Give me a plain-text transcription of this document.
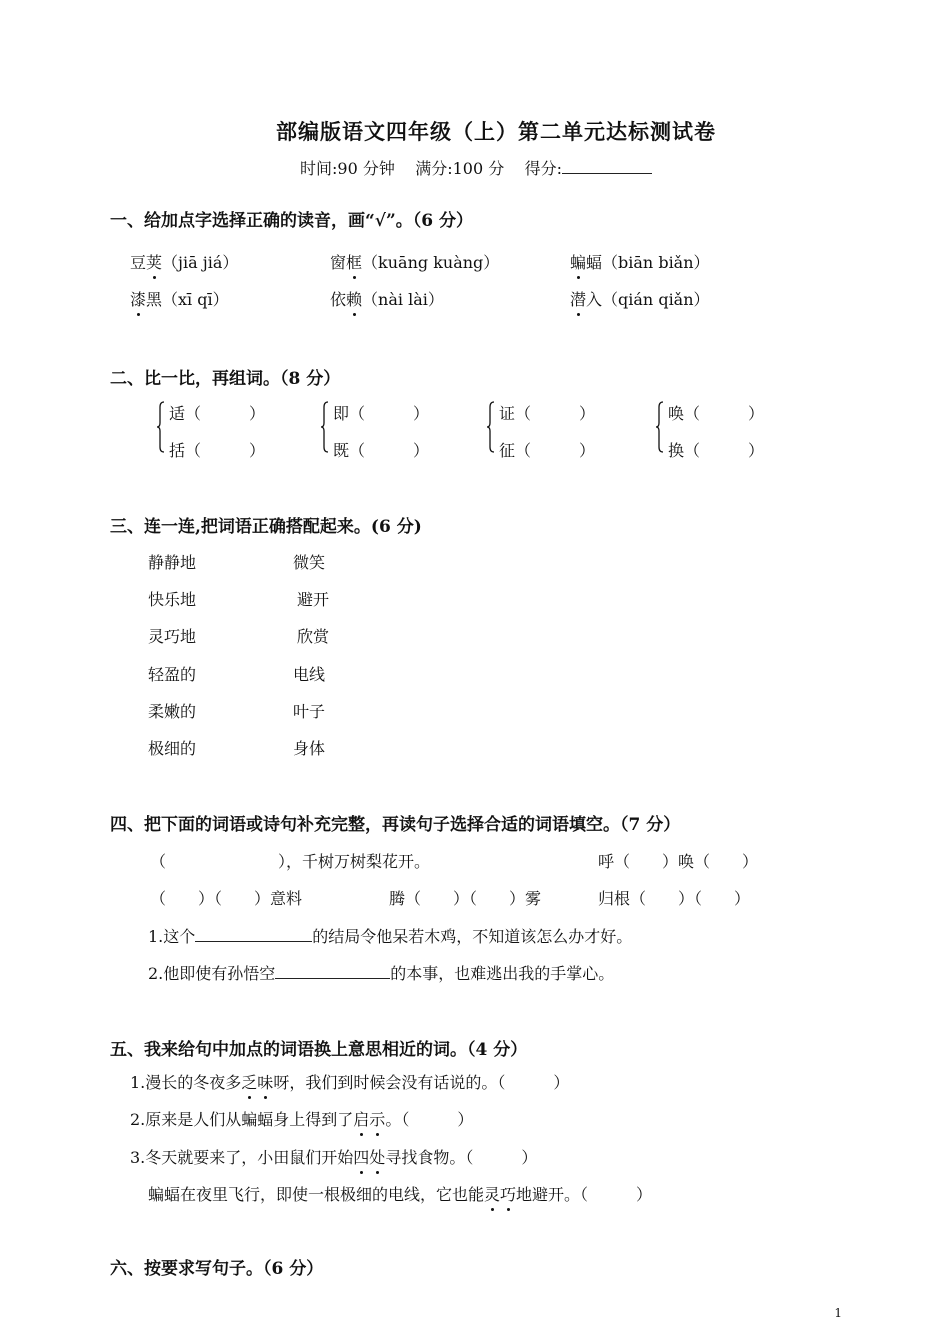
部编版语文四年级（上）第二单元达标测试卷
时间:90 分钟 满分:100 分 得分:
一、给加点字选择正确的读音，画“√”。（6 分）
豆荚（jiā jiá）	窗框（kuāng kuàng）	蝙蝠（biān biǎn）
漆黑（xī qī）	依赖（nài lài）	潜入（qián qiǎn）
二、比一比，再组词。（8 分）
适（　　　）
括（　　　）
即（　　　）
既（　　　）
证（　　　）
征（　　　）
唤（　　　）
换（　　　）
三、连一连,把词语正确搭配起来。(6 分)
静静地
快乐地
灵巧地
轻盈的
柔嫩的
极细的
微笑
避开
欣赏
电线
叶子
身体
四、把下面的词语或诗句补充完整，再读句子选择合适的词语填空。（7 分）
（　　　　　　　），千树万树梨花开。	呼（　　）唤（　　）
（　　）（　　）意料	腾（　　）（　　）雾	归根（　　）（　　）
1.这个	的结局令他呆若木鸡，不知道该怎么办才好。
2.他即使有孙悟空	的本事，也难逃出我的手掌心。
五、我来给句中加点的词语换上意思相近的词。（4 分）
1.漫长的冬夜多乏味呀，我们到时候会没有话说的。（　　　）
2.原来是人们从蝙蝠身上得到了启示。（　　　）
3.冬天就要来了，小田鼠们开始四处寻找食物。（　　　）
蝙蝠在夜里飞行，即使一根极细的电线，它也能灵巧地避开。（　　　）
六、按要求写句子。（6 分）
1
